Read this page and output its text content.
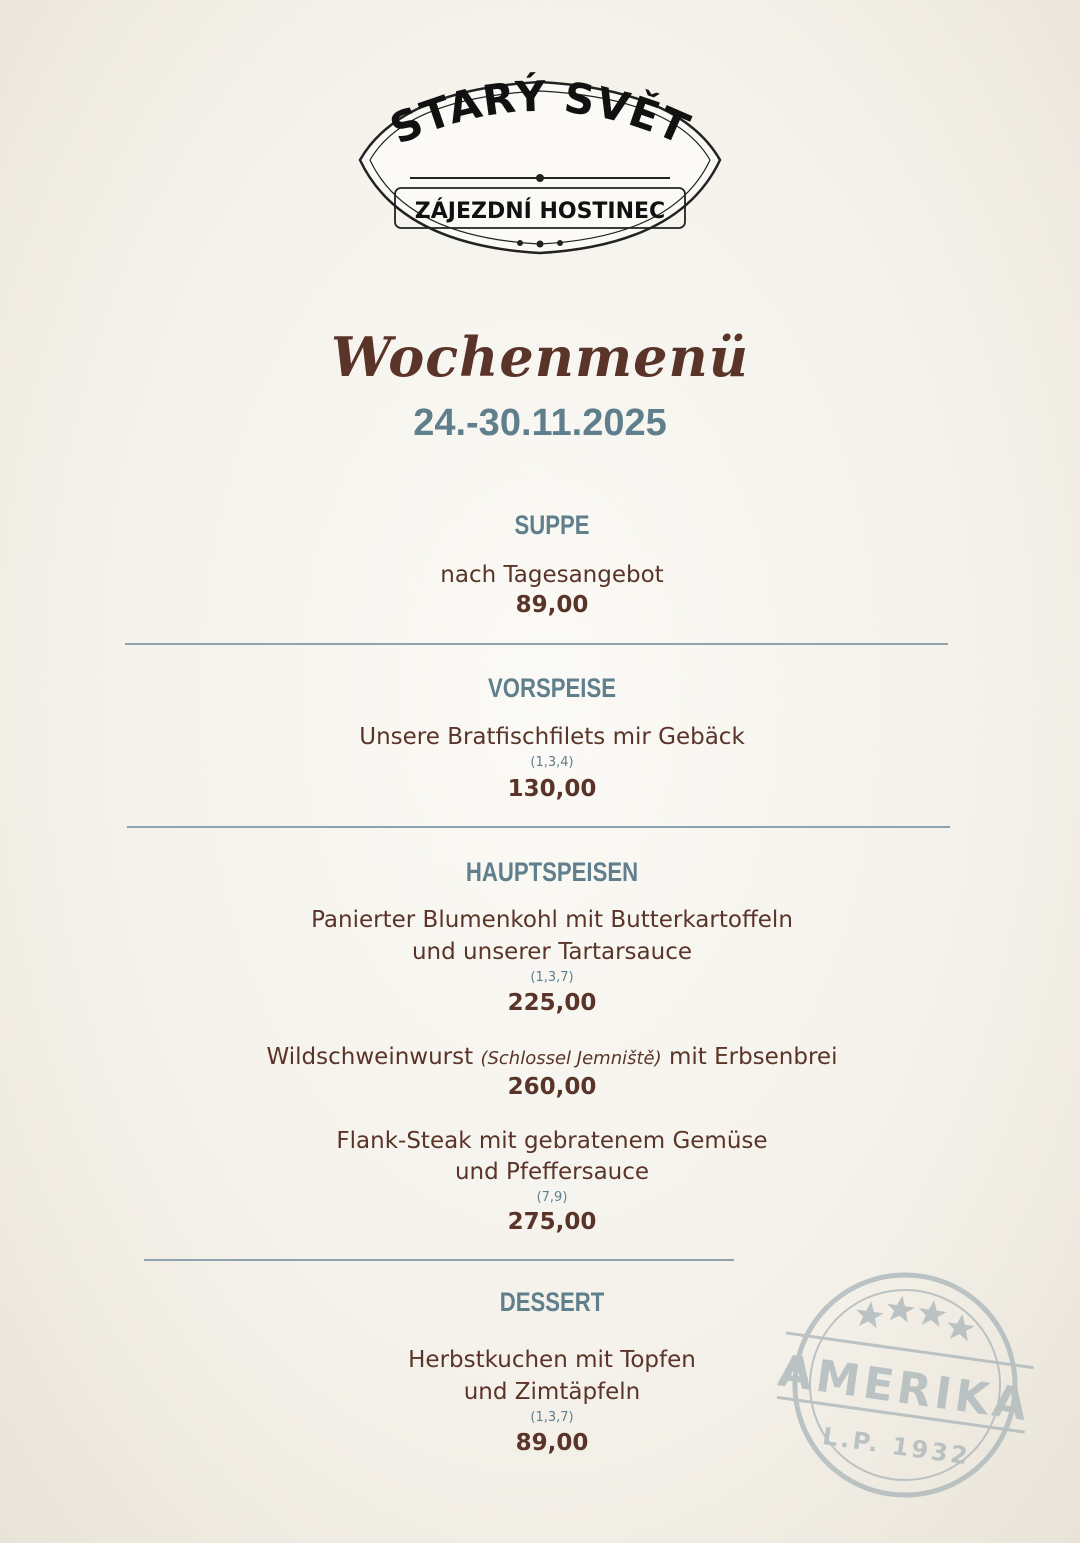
STARÝ SVĚT
ZÁJEZDNÍ HOSTINEC
Wochenmenü
24.-30.11.2025
SUPPE
nach Tagesangebot
89,00
VORSPEISE
Unsere Bratfischfilets mir Gebäck
(1,3,4)
130,00
HAUPTSPEISEN
Panierter Blumenkohl mit Butterkartoffeln
und unserer Tartarsauce
(1,3,7)
225,00
Wildschweinwurst (Schlossel Jemniště) mit Erbsenbrei
260,00
Flank-Steak mit gebratenem Gemüse
und Pfeffersauce
(7,9)
275,00
DESSERT
Herbstkuchen mit Topfen
und Zimtäpfeln
(1,3,7)
89,00
AMERIKA
L.P. 1932
